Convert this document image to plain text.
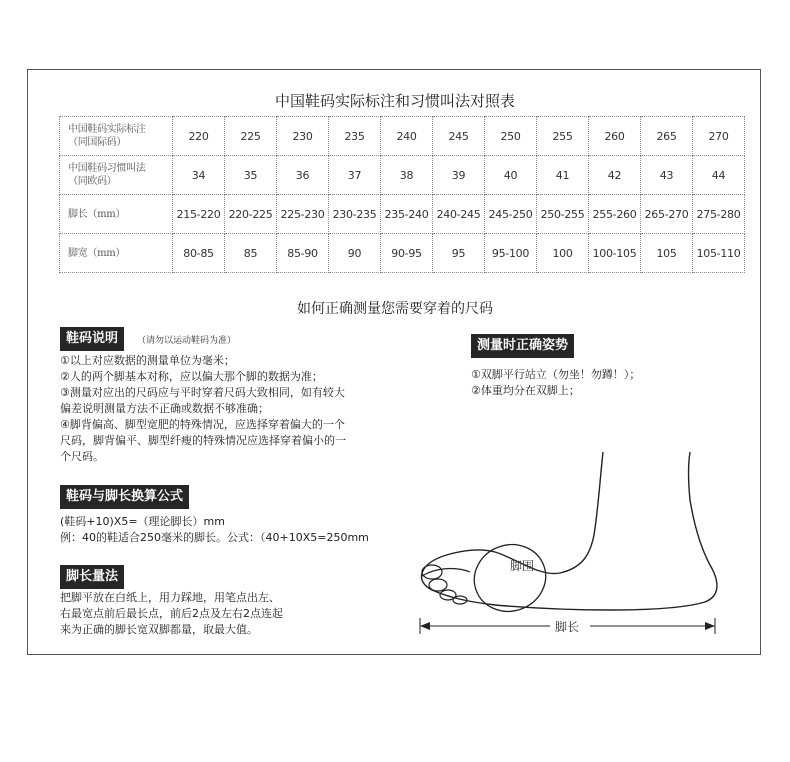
中国鞋码实际标注和习惯叫法对照表
中国鞋码实际标注
（同国际码）	220	225	230	235	240	245	250	255	260	265	270

中国鞋码习惯叫法
（同欧码）	34	35	36	37	38	39	40	41	42	43	44

脚长（mm）	215-220	220-225	225-230	230-235	235-240	240-245	245-250	250-255	255-260	265-270	275-280

脚宽（mm）	80-85	85	85-90	90	90-95	95	95-100	100	100-105	105	105-110
如何正确测量您需要穿着的尺码
鞋码说明	（请勿以运动鞋码为准）
①以上对应数据的测量单位为毫米；
②人的两个脚基本对称，应以偏大那个脚的数据为准；
③测量对应出的尺码应与平时穿着尺码大致相同，如有较大
偏差说明测量方法不正确或数据不够准确；
④脚背偏高、脚型宽肥的特殊情况，应选择穿着偏大的一个
尺码，脚背偏平、脚型纤瘦的特殊情况应选择穿着偏小的一
个尺码。
鞋码与脚长换算公式
(鞋码+10)X5=（理论脚长）mm
例：40的鞋适合250毫米的脚长。公式：（40+10X5=250mm
脚长量法
把脚平放在白纸上，用力踩地，用笔点出左、
右最宽点前后最长点，前后2点及左右2点连起
来为正确的脚长宽双脚都量，取最大值。
测量时正确姿势
①双脚平行站立（勿坐！勿蹲！）；
②体重均分在双脚上；
脚围
脚长
